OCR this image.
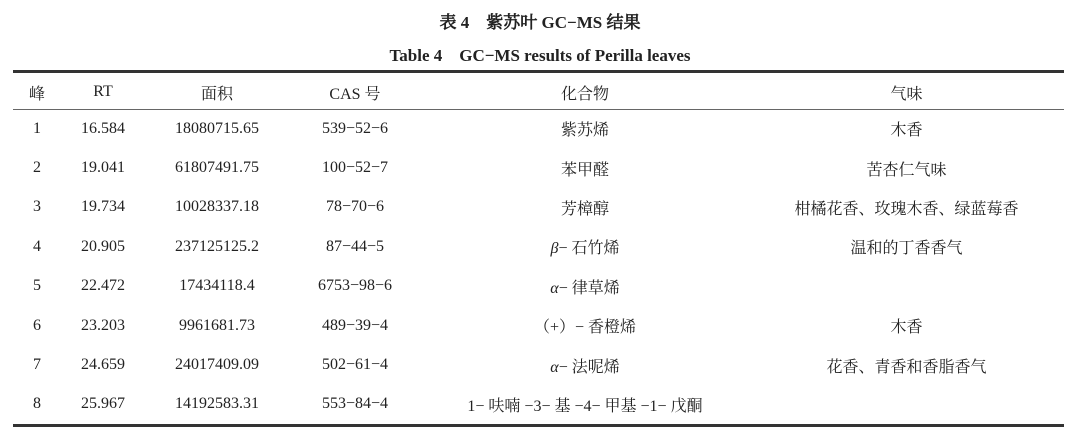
表 4　紫苏叶 GC−MS 结果
Table 4　GC−MS results of Perilla leaves
峰	RT	面积	CAS 号	化合物	气味
1	16.584	18080715.65	539−52−6	紫苏烯	木香
2	19.041	61807491.75	100−52−7	苯甲醛	苦杏仁气味
3	19.734	10028337.18	78−70−6	芳樟醇	柑橘花香、玫瑰木香、绿蓝莓香
4	20.905	237125125.2	87−44−5	β− 石竹烯	温和的丁香香气
5	22.472	17434118.4	6753−98−6	α− 律草烯	
6	23.203	9961681.73	489−39−4	（+）− 香橙烯	木香
7	24.659	24017409.09	502−61−4	α− 法呢烯	花香、青香和香脂香气
8	25.967	14192583.31	553−84−4	1− 呋喃 −3− 基 −4− 甲基 −1− 戊酮	
